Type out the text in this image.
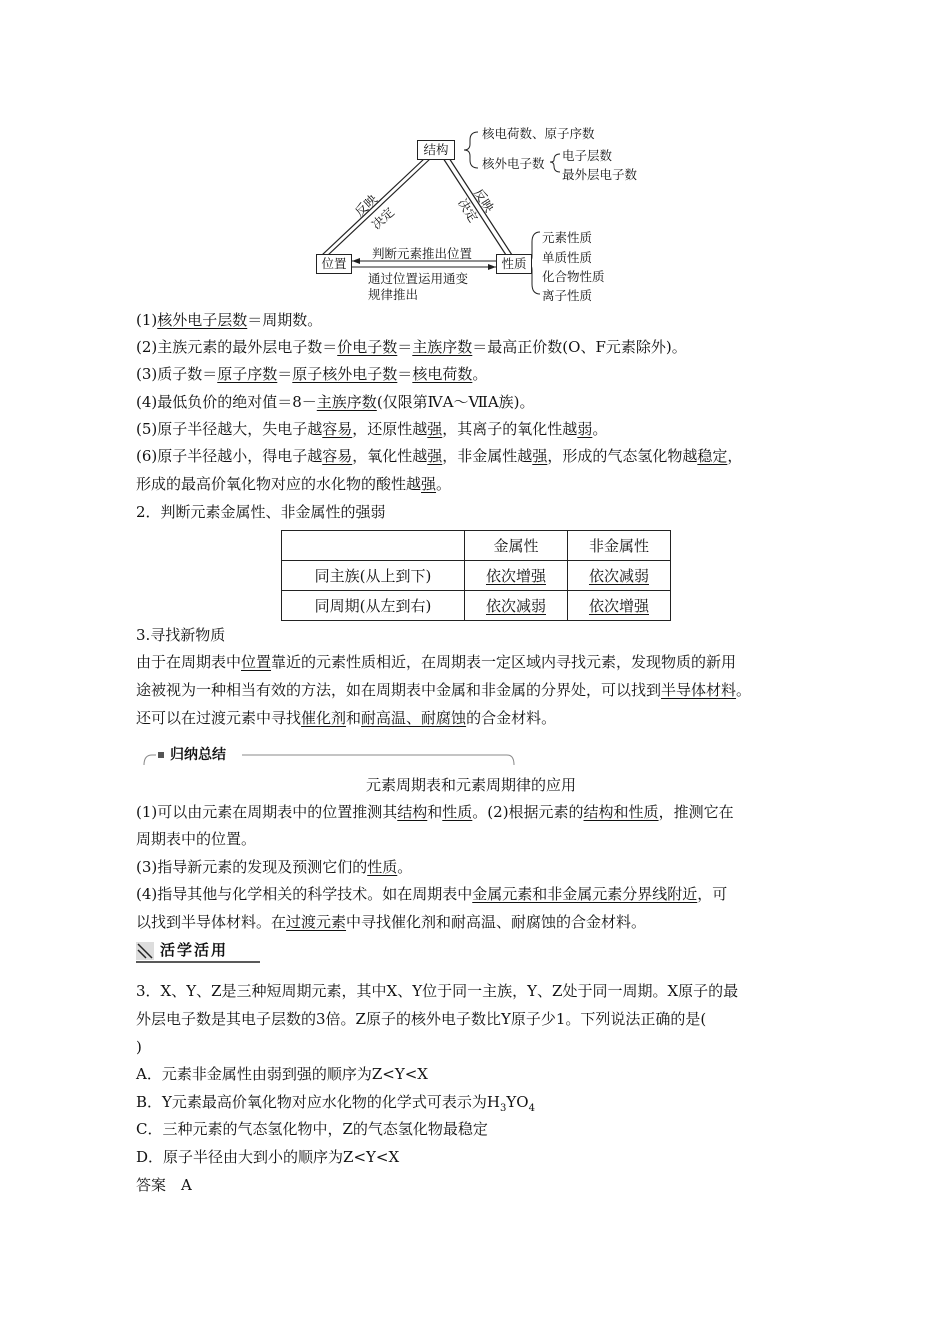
结构
位置	性质
核电荷数、原子序数
核外电子数
电子层数
最外层电子数
元素性质
单质性质
化合物性质
离子性质
反映
决定
反映
决定
判断元素推出位置
通过位置运用通变
规律推出
(1)核外电子层数＝周期数。
(2)主族元素的最外层电子数＝价电子数＝主族序数＝最高正价数(O、F元素除外)。
(3)质子数＝原子序数＝原子核外电子数＝核电荷数。
(4)最低负价的绝对值＝8－主族序数(仅限第ⅣA～ⅦA族)。
(5)原子半径越大，失电子越容易，还原性越强，其离子的氧化性越弱。
(6)原子半径越小，得电子越容易，氧化性越强，非金属性越强，形成的气态氢化物越稳定，
形成的最高价氧化物对应的水化物的酸性越强。
2．判断元素金属性、非金属性的强弱
	金属性	非金属性
同主族(从上到下)	依次增强	依次减弱
同周期(从左到右)	依次减弱	依次增强
3.寻找新物质
由于在周期表中位置靠近的元素性质相近，在周期表一定区域内寻找元素，发现物质的新用
途被视为一种相当有效的方法，如在周期表中金属和非金属的分界处，可以找到半导体材料。
还可以在过渡元素中寻找催化剂和耐高温、耐腐蚀的合金材料。
归纳总结
元素周期表和元素周期律的应用
(1)可以由元素在周期表中的位置推测其结构和性质。(2)根据元素的结构和性质，推测它在
周期表中的位置。
(3)指导新元素的发现及预测它们的性质。
(4)指导其他与化学相关的科学技术。如在周期表中金属元素和非金属元素分界线附近，可
以找到半导体材料。在过渡元素中寻找催化剂和耐高温、耐腐蚀的合金材料。
活学活用
3．X、Y、Z是三种短周期元素，其中X、Y位于同一主族，Y、Z处于同一周期。X原子的最
外层电子数是其电子层数的3倍。Z原子的核外电子数比Y原子少1。下列说法正确的是(
)
A．元素非金属性由弱到强的顺序为Z<Y<X
B．Y元素最高价氧化物对应水化物的化学式可表示为$H_3YO_4$
C．三种元素的气态氢化物中，Z的气态氢化物最稳定
D．原子半径由大到小的顺序为Z<Y<X
答案　A
